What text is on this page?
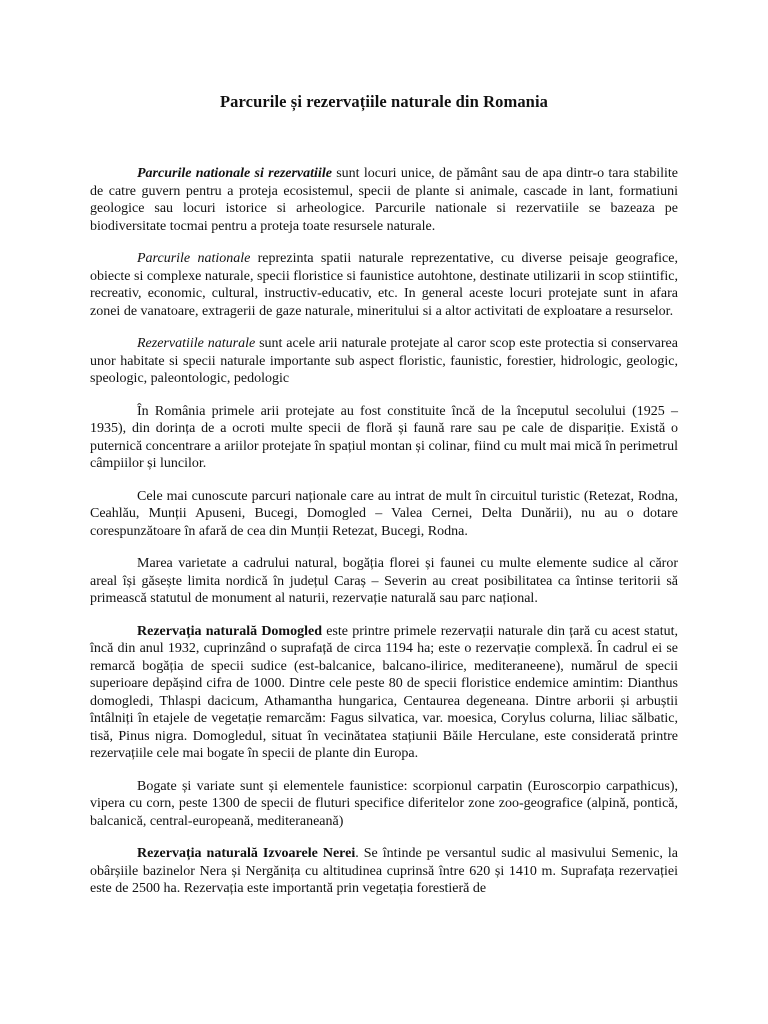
Parcurile și rezervațiile naturale din Romania

Parcurile nationale si rezervatiile sunt locuri unice, de pământ sau de apa dintr-o tara stabilite de catre guvern pentru a proteja ecosistemul, specii de plante si animale, cascade in lant, formatiuni geologice sau locuri istorice si arheologice. Parcurile nationale si rezervatiile se bazeaza pe biodiversitate tocmai pentru a proteja toate resursele naturale.

Parcurile nationale reprezinta spatii naturale reprezentative, cu diverse peisaje geografice, obiecte si complexe naturale, specii floristice si faunistice autohtone, destinate utilizarii in scop stiintific, recreativ, economic, cultural, instructiv-educativ, etc. In general aceste locuri protejate sunt in afara zonei de vanatoare, extragerii de gaze naturale, mineritului si a altor activitati de exploatare a resurselor.

Rezervatiile naturale sunt acele arii naturale protejate al caror scop este protectia si conservarea unor habitate si specii naturale importante sub aspect floristic, faunistic, forestier, hidrologic, geologic, speologic, paleontologic, pedologic

În România primele arii protejate au fost constituite încă de la începutul secolului (1925 – 1935), din dorința de a ocroti multe specii de floră și faună rare sau pe cale de dispariție. Există o puternică concentrare a ariilor protejate în spațiul montan și colinar, fiind cu mult mai mică în perimetrul câmpiilor și luncilor.

Cele mai cunoscute parcuri naționale care au intrat de mult în circuitul turistic (Retezat, Rodna, Ceahlău, Munții Apuseni, Bucegi, Domogled – Valea Cernei, Delta Dunării), nu au o dotare corespunzătoare în afară de cea din Munții Retezat, Bucegi, Rodna.

Marea varietate a cadrului natural, bogăția florei și faunei cu multe elemente sudice al căror areal își găsește limita nordică în județul Caraș – Severin au creat posibilitatea ca întinse teritorii să primească statutul de monument al naturii, rezervație naturală sau parc național.

Rezervația naturală Domogled este printre primele rezervații naturale din țară cu acest statut, încă din anul 1932, cuprinzând o suprafață de circa 1194 ha; este o rezervație complexă. În cadrul ei se remarcă bogăția de specii sudice (est-balcanice, balcano-ilirice, mediteraneene), numărul de specii superioare depășind cifra de 1000. Dintre cele peste 80 de specii floristice endemice amintim: Dianthus domogledi, Thlaspi dacicum, Athamantha hungarica, Centaurea degeneana. Dintre arborii și arbuștii întâlniți în etajele de vegetație remarcăm: Fagus silvatica, var. moesica, Corylus colurna, liliac sălbatic, tisă, Pinus nigra. Domogledul, situat în vecinătatea stațiunii Băile Herculane, este considerată printre rezervațiile cele mai bogate în specii de plante din Europa.

Bogate și variate sunt și elementele faunistice: scorpionul carpatin (Euroscorpio carpathicus), vipera cu corn, peste 1300 de specii de fluturi specifice diferitelor zone zoo-geografice (alpină, pontică, balcanică, central-europeană, mediteraneană)

Rezervația naturală Izvoarele Nerei. Se întinde pe versantul sudic al masivului Semenic, la obârșiile bazinelor Nera și Nergănița cu altitudinea cuprinsă între 620 și 1410 m. Suprafața rezervației este de 2500 ha. Rezervația este importantă prin vegetația forestieră de
